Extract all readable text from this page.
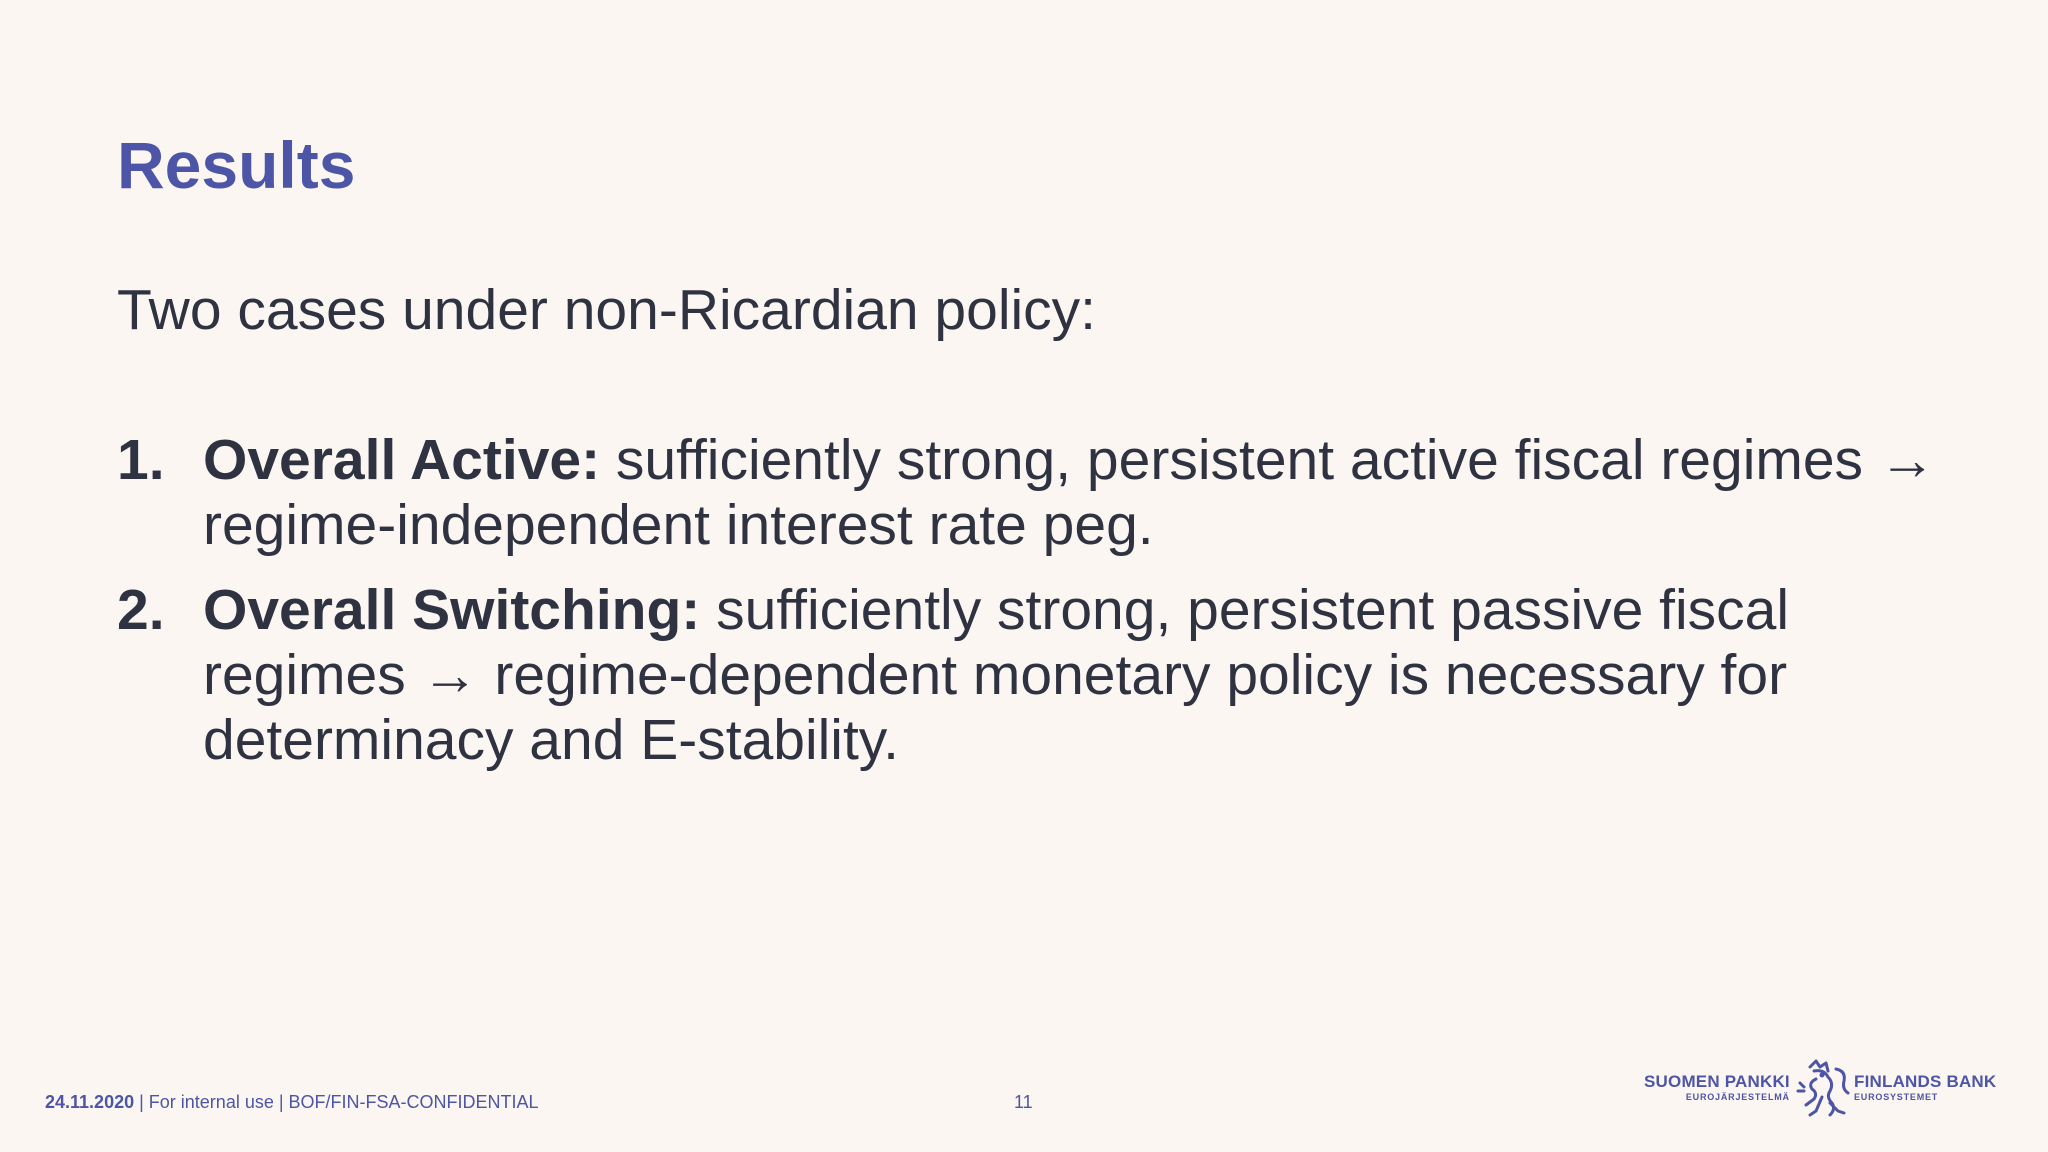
Results

Two cases under non-Ricardian policy:

1. Overall Active: sufficiently strong, persistent active fiscal regimes → regime-independent interest rate peg.
2. Overall Switching: sufficiently strong, persistent passive fiscal regimes → regime-dependent monetary policy is necessary for determinacy and E-stability.
24.11.2020 | For internal use | BOF/FIN-FSA-CONFIDENTIAL	11
SUOMEN PANKKI
EUROJÄRJESTELMÄ
FINLANDS BANK
EUROSYSTEMET
